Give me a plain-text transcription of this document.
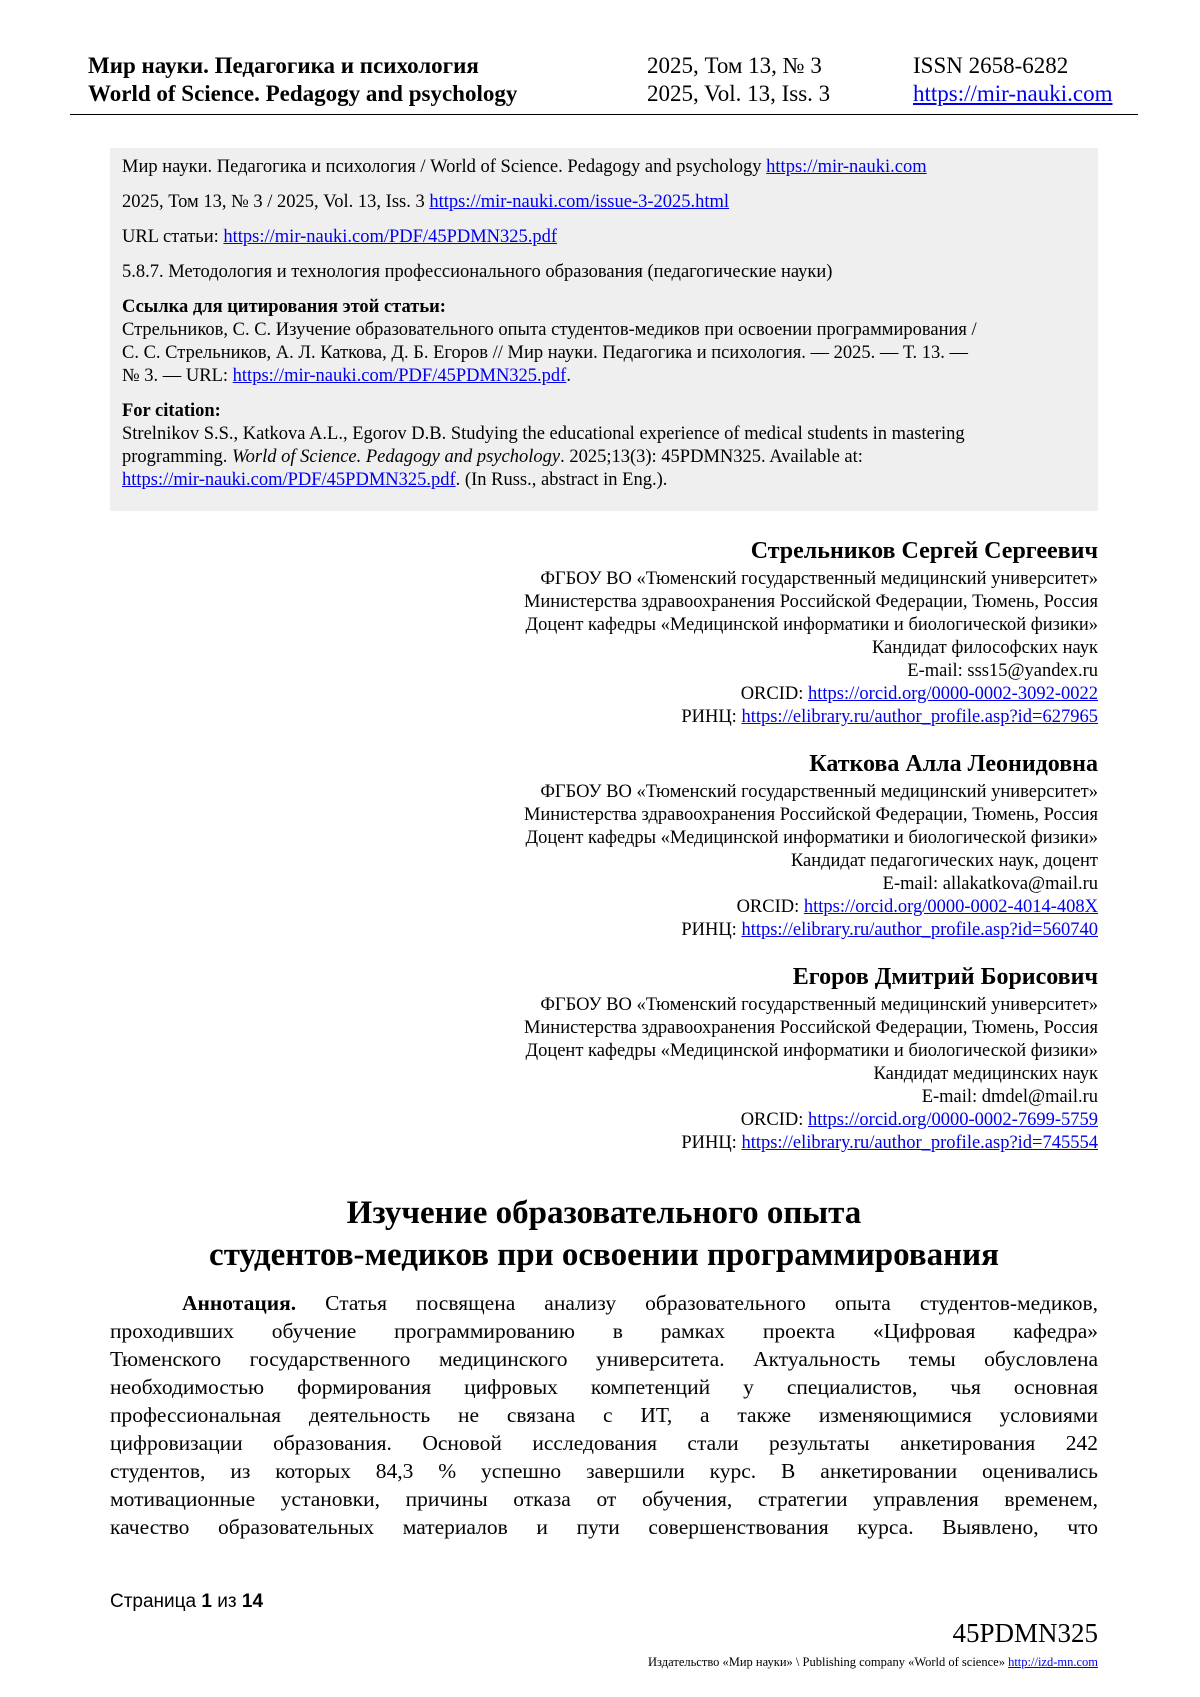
Мир науки. Педагогика и психология
World of Science. Pedagogy and psychology
2025, Том 13, № 3
2025, Vol. 13, Iss. 3
ISSN 2658-6282
https://mir-nauki.com

Мир науки. Педагогика и психология / World of Science. Pedagogy and psychology https://mir-nauki.com

2025, Том 13, № 3 / 2025, Vol. 13, Iss. 3 https://mir-nauki.com/issue-3-2025.html

URL статьи: https://mir-nauki.com/PDF/45PDMN325.pdf

5.8.7. Методология и технология профессионального образования (педагогические науки)

Ссылка для цитирования этой статьи:
Стрельников, С. С. Изучение образовательного опыта студентов-медиков при освоении программирования /
С. С. Стрельников, А. Л. Каткова, Д. Б. Егоров // Мир науки. Педагогика и психология. — 2025. — Т. 13. —
№ 3. — URL: https://mir-nauki.com/PDF/45PDMN325.pdf.

For citation:
Strelnikov S.S., Katkova A.L., Egorov D.B. Studying the educational experience of medical students in mastering
programming. World of Science. Pedagogy and psychology. 2025;13(3): 45PDMN325. Available at:
https://mir-nauki.com/PDF/45PDMN325.pdf. (In Russ., abstract in Eng.).

Стрельников Сергей Сергеевич
ФГБОУ ВО «Тюменский государственный медицинский университет»
Министерства здравоохранения Российской Федерации, Тюмень, Россия
Доцент кафедры «Медицинской информатики и биологической физики»
Кандидат философских наук
E-mail: sss15@yandex.ru
ORCID: https://orcid.org/0000-0002-3092-0022
РИНЦ: https://elibrary.ru/author_profile.asp?id=627965
Каткова Алла Леонидовна
ФГБОУ ВО «Тюменский государственный медицинский университет»
Министерства здравоохранения Российской Федерации, Тюмень, Россия
Доцент кафедры «Медицинской информатики и биологической физики»
Кандидат педагогических наук, доцент
E-mail: allakatkova@mail.ru
ORCID: https://orcid.org/0000-0002-4014-408X
РИНЦ: https://elibrary.ru/author_profile.asp?id=560740
Егоров Дмитрий Борисович
ФГБОУ ВО «Тюменский государственный медицинский университет»
Министерства здравоохранения Российской Федерации, Тюмень, Россия
Доцент кафедры «Медицинской информатики и биологической физики»
Кандидат медицинских наук
E-mail: dmdel@mail.ru
ORCID: https://orcid.org/0000-0002-7699-5759
РИНЦ: https://elibrary.ru/author_profile.asp?id=745554
Изучение образовательного опыта
студентов-медиков при освоении программирования
Аннотация. Статья посвящена анализу образовательного опыта студентов-медиков,
проходивших обучение программированию в рамках проекта «Цифровая кафедра»
Тюменского государственного медицинского университета. Актуальность темы обусловлена
необходимостью формирования цифровых компетенций у специалистов, чья основная
профессиональная деятельность не связана с ИТ, а также изменяющимися условиями
цифровизации образования. Основой исследования стали результаты анкетирования 242
студентов, из которых 84,3 % успешно завершили курс. В анкетировании оценивались
мотивационные установки, причины отказа от обучения, стратегии управления временем,
качество образовательных материалов и пути совершенствования курса. Выявлено, что
Страница 1 из 14
45PDMN325
Издательство «Мир науки» \ Publishing company «World of science» http://izd-mn.com
